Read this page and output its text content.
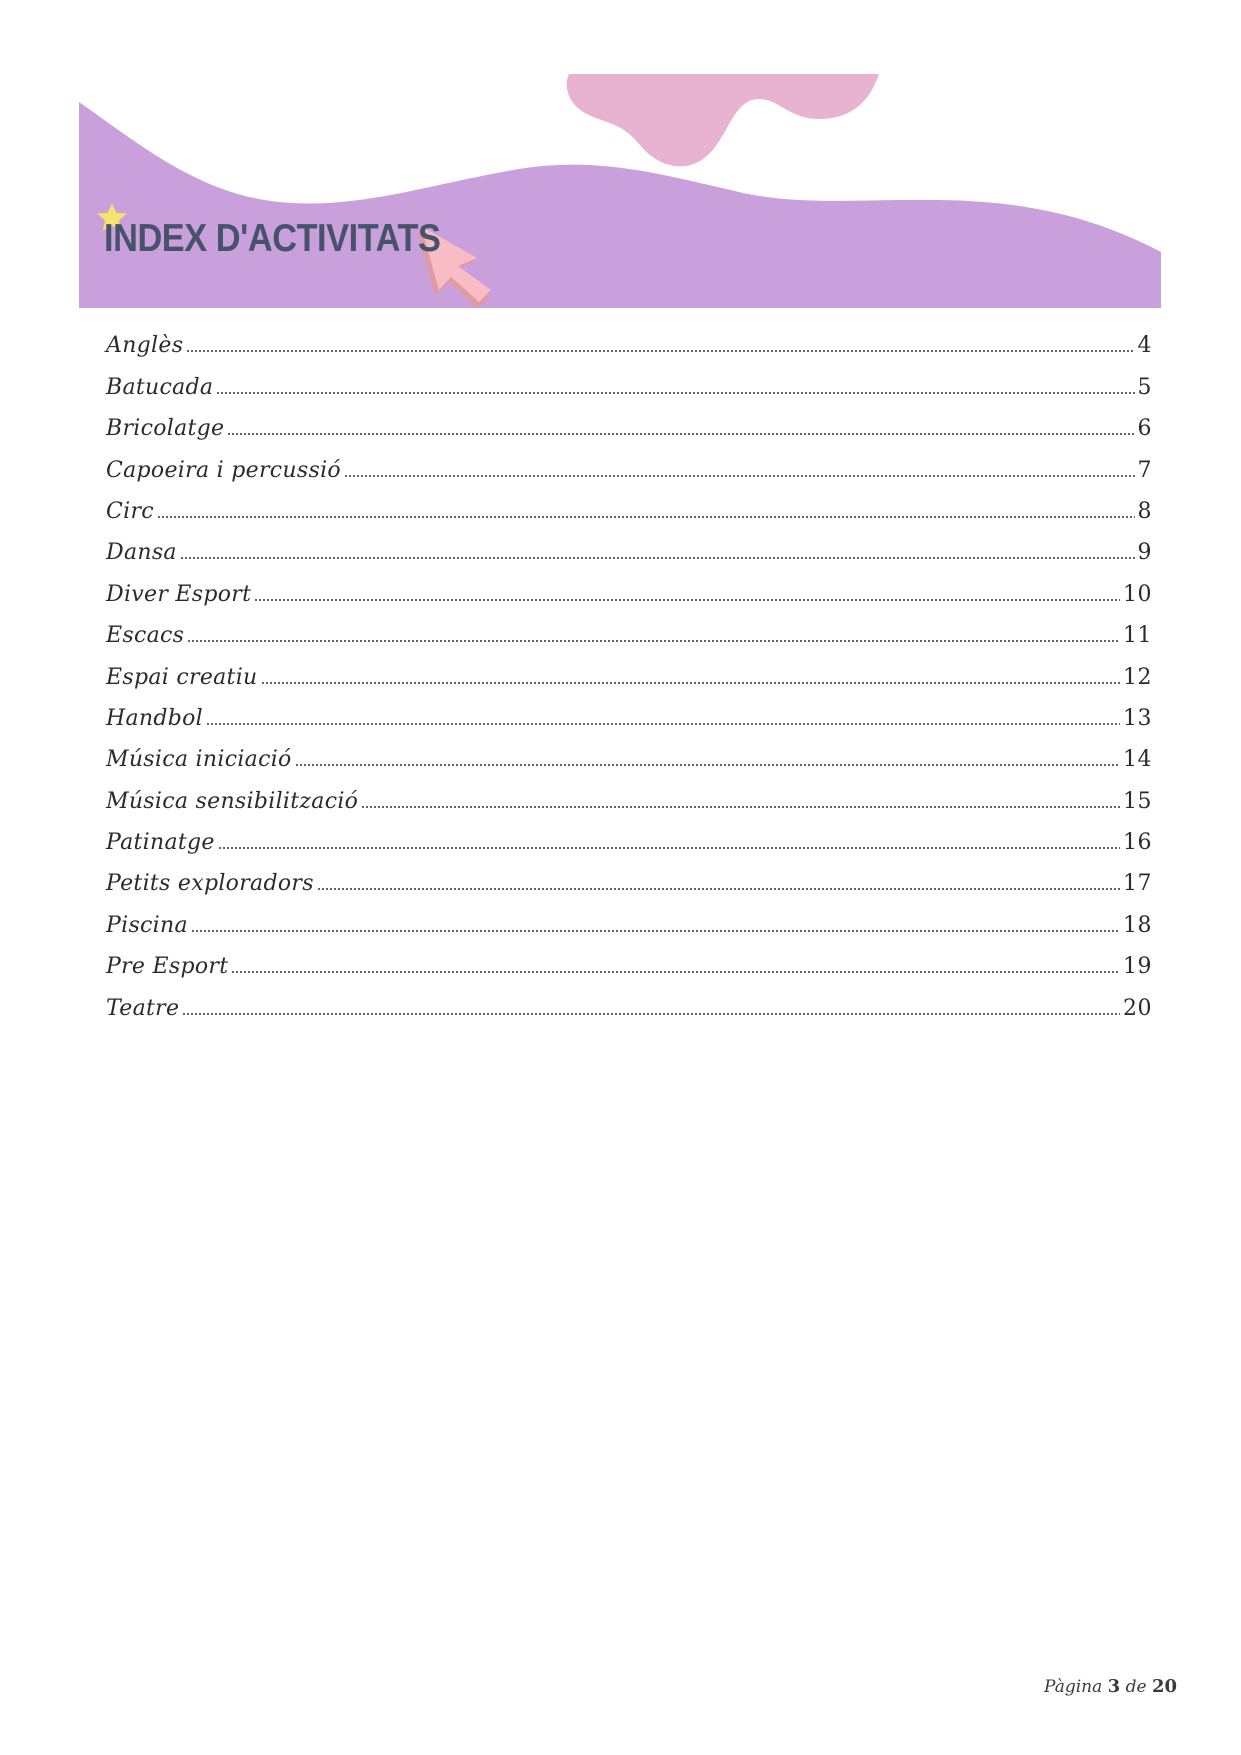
INDEX D'ACTIVITATS
Anglès	4
Batucada	5
Bricolatge	6
Capoeira i percussió	7
Circ	8
Dansa	9
Diver Esport	10
Escacs	11
Espai creatiu	12
Handbol	13
Música iniciació	14
Música sensibilització	15
Patinatge	16
Petits exploradors	17
Piscina	18
Pre Esport	19
Teatre	20
Pàgina 3 de 20
